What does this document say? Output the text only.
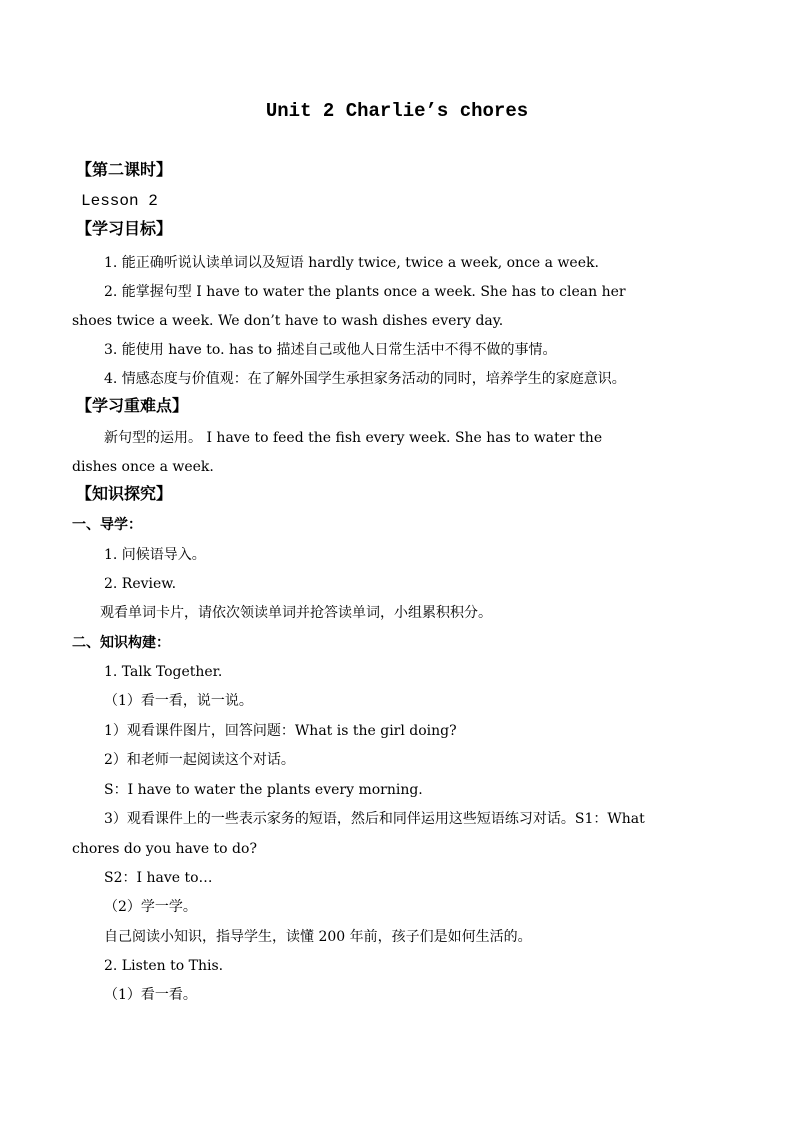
Unit 2 Charlie’s chores

【第二课时】

Lesson 2

【学习目标】

1. 能正确听说认读单词以及短语 hardly twice, twice a week, once a week.

2. 能掌握句型 I have to water the plants once a week. She has to clean her

shoes twice a week. We don’t have to wash dishes every day.

3. 能使用 have to. has to 描述自己或他人日常生活中不得不做的事情。

4. 情感态度与价值观：在了解外国学生承担家务活动的同时，培养学生的家庭意识。

【学习重难点】

新句型的运用。 I have to feed the fish every week. She has to water the

dishes once a week.

【知识探究】

一、导学：

1. 问候语导入。

2. Review.

观看单词卡片，请依次领读单词并抢答读单词，小组累积积分。

二、知识构建：

1. Talk Together.

（1）看一看，说一说。

1）观看课件图片，回答问题：What is the girl doing?

2）和老师一起阅读这个对话。

S：I have to water the plants every morning.

3）观看课件上的一些表示家务的短语，然后和同伴运用这些短语练习对话。S1：What

chores do you have to do?

S2：I have to…

（2）学一学。

自己阅读小知识，指导学生，读懂 200 年前，孩子们是如何生活的。

2. Listen to This.

（1）看一看。
